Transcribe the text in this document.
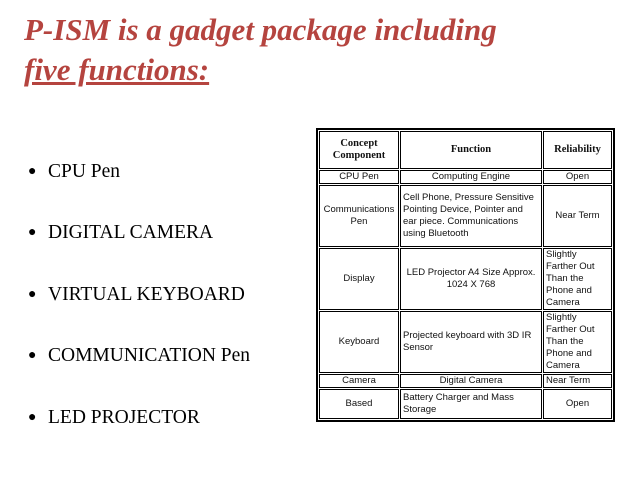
P-ISM is a gadget package including
five functions:
● CPU Pen
● DIGITAL CAMERA
● VIRTUAL KEYBOARD
● COMMUNICATION Pen
● LED PROJECTOR
Concept Component	Function	Reliability
CPU Pen	Computing Engine	Open
Communications Pen	Cell Phone, Pressure Sensitive Pointing Device, Pointer and ear piece. Communications using Bluetooth	Near Term
Display	LED Projector A4 Size Approx. 1024 X 768	Slightly Farther Out Than the Phone and Camera
Keyboard	Projected keyboard with 3D IR Sensor	Slightly Farther Out Than the Phone and Camera
Camera	Digital Camera	Near Term
Based	Battery Charger and Mass Storage	Open
